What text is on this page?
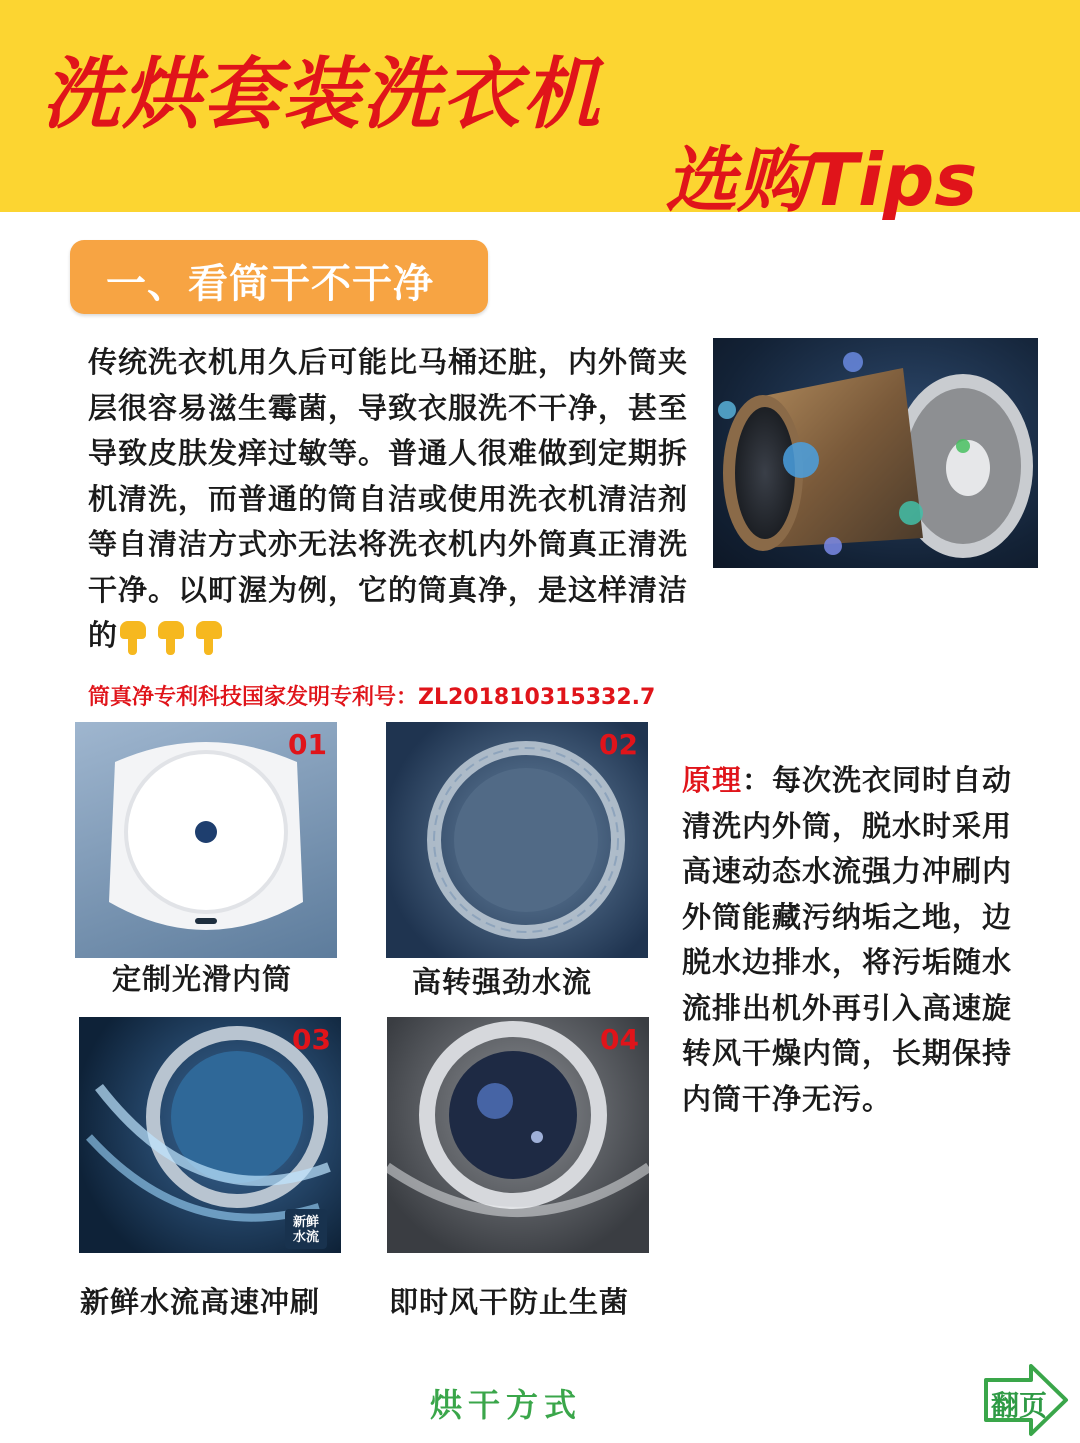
洗烘套装洗衣机
选购Tips
一、看筒干不干净
传统洗衣机用久后可能比马桶还脏，内外筒夹层很容易滋生霉菌，导致衣服洗不干净，甚至导致皮肤发痒过敏等。普通人很难做到定期拆机清洗，而普通的筒自洁或使用洗衣机清洁剂等自清洁方式亦无法将洗衣机内外筒真正清洗干净。以町渥为例，它的筒真净，是这样清洁的
筒真净专利科技国家发明专利号：ZL201810315332.7
01
定制光滑内筒
02
高转强劲水流
03
新鲜水流
新鲜水流高速冲刷
04
即时风干防止生菌
原理：每次洗衣同时自动清洗内外筒，脱水时采用高速动态水流强力冲刷内外筒能藏污纳垢之地，边脱水边排水，将污垢随水流排出机外再引入高速旋转风干燥内筒，长期保持内筒干净无污。
烘干方式	翻页
